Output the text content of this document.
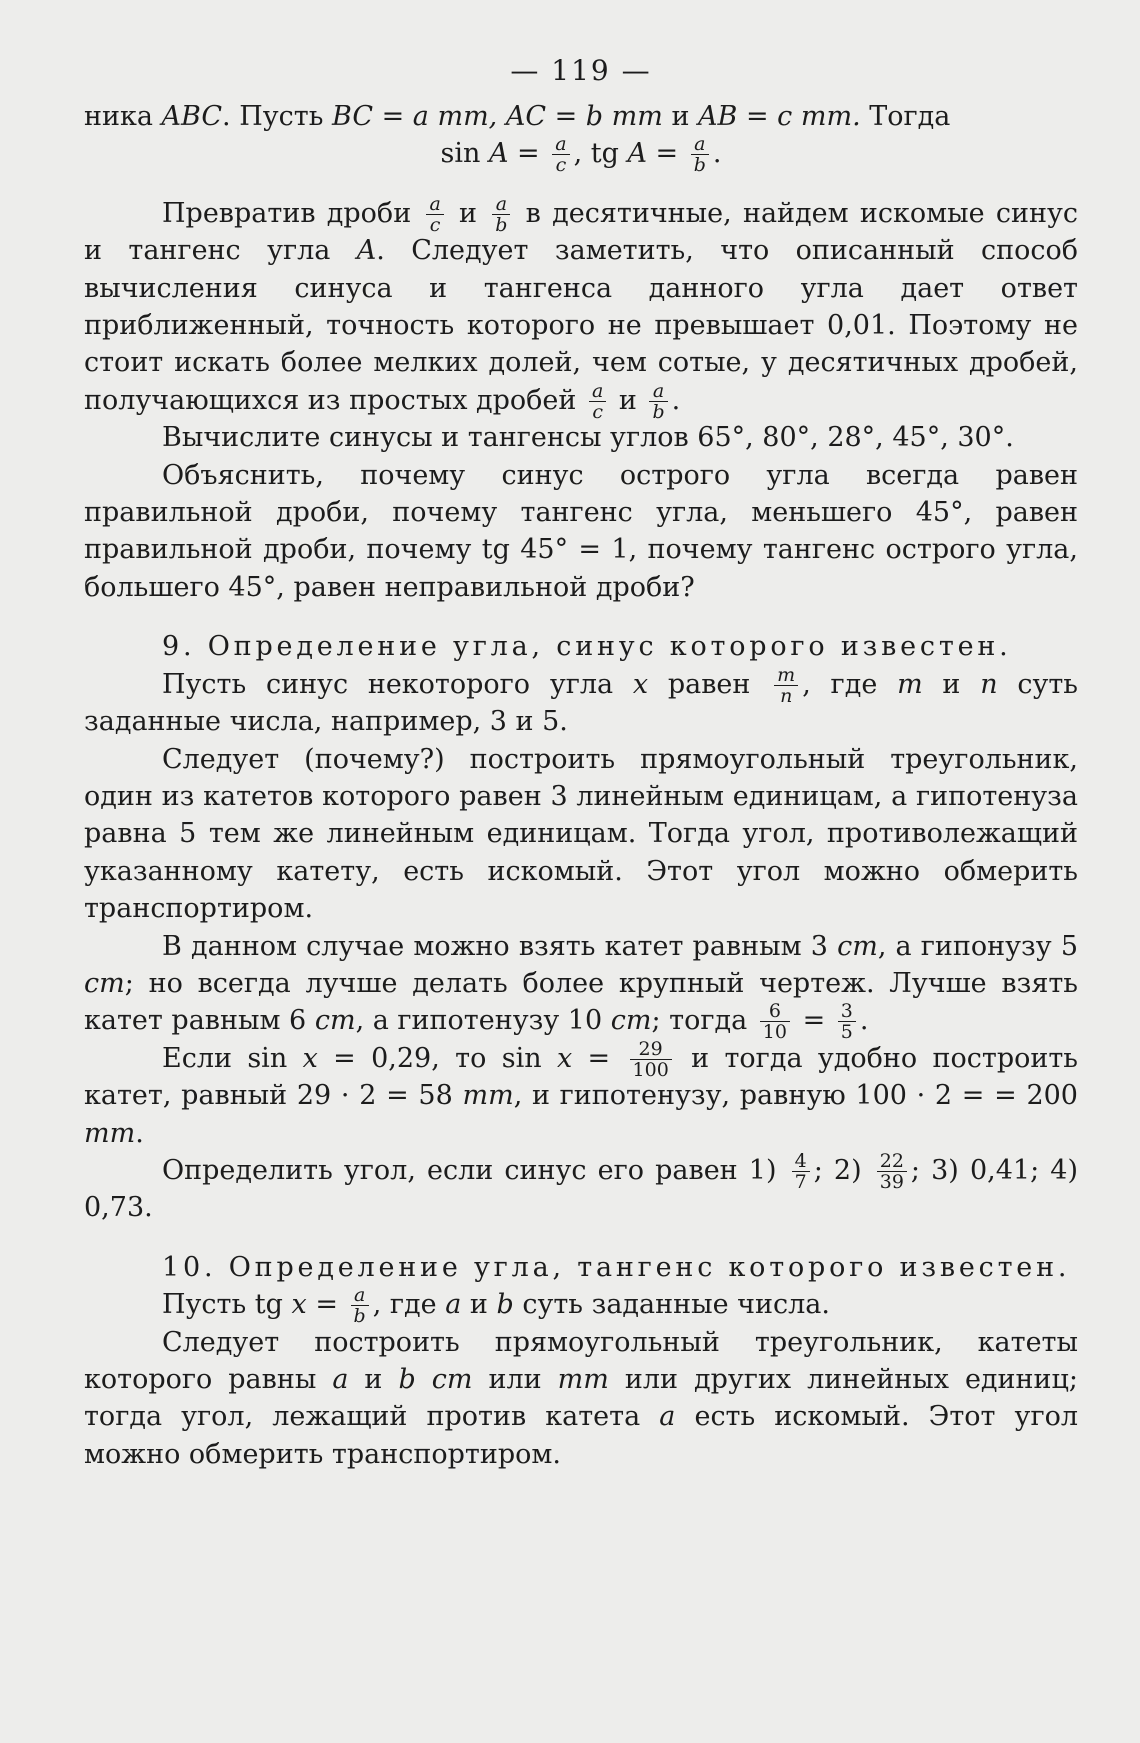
— 119 —

ника ABC. Пусть BC = a mm, AC = b mm и AB = c mm. Тогда

$\sin A = \frac{a}{c}$ , tg $A = \frac{a}{b}$ .

Превратив дроби $\frac{a}{c}$ и $\frac{a}{b}$ в десятичные, найдем искомые синус и тангенс угла A. Следует заметить, что описанный способ вычисления синуса и тангенса данного угла дает ответ приближенный, точность которого не превышает 0,01. Поэтому не стоит искать более мелких долей, чем сотые, у десятичных дробей, получающихся из простых дробей $\frac{a}{c}$ и $\frac{a}{b}$ .

Вычислите синусы и тангенсы углов 65°, 80°, 28°, 45°, 30°.

Объяснить, почему синус острого угла всегда равен правильной дроби, почему тангенс угла, меньшего 45°, равен правильной дроби, почему tg 45° = 1, почему тангенс острого угла, большего 45°, равен неправильной дроби?

9. Определение угла, синус которого известен.

Пусть синус некоторого угла x равен $\frac{m}{n}$ , где m и n суть заданные числа, например, 3 и 5.

Следует (почему?) построить прямоугольный треугольник, один из катетов которого равен 3 линейным единицам, а гипотенуза равна 5 тем же линейным единицам. Тогда угол, противолежащий указанному катету, есть искомый. Этот угол можно обмерить транспортиром.

В данном случае можно взять катет равным 3 cm, а гипонузу 5 cm; но всегда лучше делать более крупный чертеж. Лучше взять катет равным 6 cm, а гипотенузу 10 cm; тогда $\frac{6}{10} = \frac{3}{5}$ .

Если sin x = 0,29, то $\sin x = \frac{29}{100}$ и тогда удобно построить катет, равный 29 · 2 = 58 mm, и гипотенузу, равную 100 · 2 = = 200 mm.

Определить угол, если синус его равен $1) \frac{4}{7}$ ; $2) \frac{22}{39}$ ; 3) 0,41; 4) 0,73.

10. Определение угла, тангенс которого известен.

Пусть tg $x = \frac{a}{b}$ , где a и b суть заданные числа.

Следует построить прямоугольный треугольник, катеты которого равны a и b cm или mm или других линейных единиц; тогда угол, лежащий против катета a есть искомый. Этот угол можно обмерить транспортиром.
